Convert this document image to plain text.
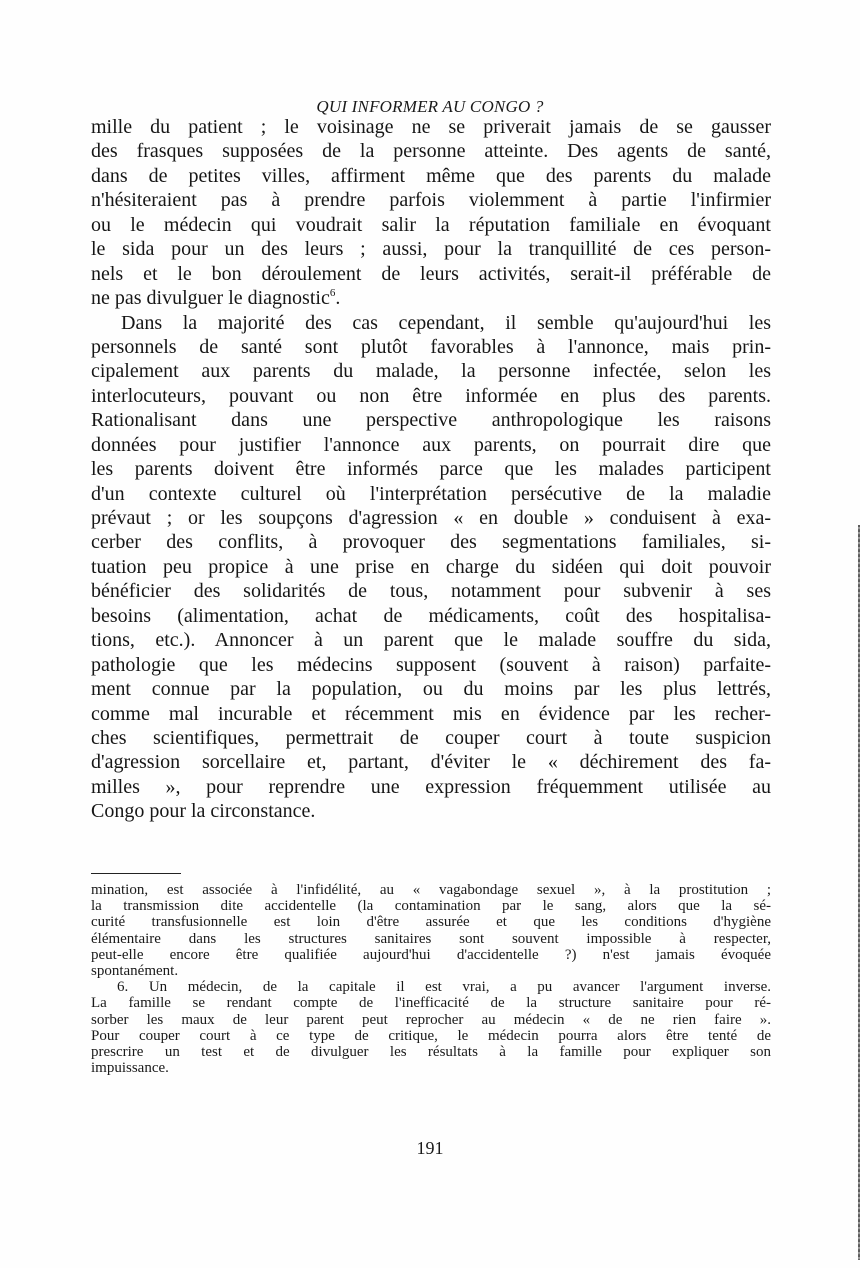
QUI INFORMER AU CONGO ?
mille du patient ; le voisinage ne se priverait jamais de se gausser
des frasques supposées de la personne atteinte. Des agents de santé,
dans de petites villes, affirment même que des parents du malade
n'hésiteraient pas à prendre parfois violemment à partie l'infirmier
ou le médecin qui voudrait salir la réputation familiale en évoquant
le sida pour un des leurs ; aussi, pour la tranquillité de ces person-
nels et le bon déroulement de leurs activités, serait-il préférable de
ne pas divulguer le diagnostic$^6$.
Dans la majorité des cas cependant, il semble qu'aujourd'hui les
personnels de santé sont plutôt favorables à l'annonce, mais prin-
cipalement aux parents du malade, la personne infectée, selon les
interlocuteurs, pouvant ou non être informée en plus des parents.
Rationalisant dans une perspective anthropologique les raisons
données pour justifier l'annonce aux parents, on pourrait dire que
les parents doivent être informés parce que les malades participent
d'un contexte culturel où l'interprétation persécutive de la maladie
prévaut ; or les soupçons d'agression « en double » conduisent à exa-
cerber des conflits, à provoquer des segmentations familiales, si-
tuation peu propice à une prise en charge du sidéen qui doit pouvoir
bénéficier des solidarités de tous, notamment pour subvenir à ses
besoins (alimentation, achat de médicaments, coût des hospitalisa-
tions, etc.). Annoncer à un parent que le malade souffre du sida,
pathologie que les médecins supposent (souvent à raison) parfaite-
ment connue par la population, ou du moins par les plus lettrés,
comme mal incurable et récemment mis en évidence par les recher-
ches scientifiques, permettrait de couper court à toute suspicion
d'agression sorcellaire et, partant, d'éviter le « déchirement des fa-
milles », pour reprendre une expression fréquemment utilisée au
Congo pour la circonstance.
mination, est associée à l'infidélité, au « vagabondage sexuel », à la prostitution ;
la transmission dite accidentelle (la contamination par le sang, alors que la sé-
curité transfusionnelle est loin d'être assurée et que les conditions d'hygiène
élémentaire dans les structures sanitaires sont souvent impossible à respecter,
peut-elle encore être qualifiée aujourd'hui d'accidentelle ?) n'est jamais évoquée
spontanément.
6. Un médecin, de la capitale il est vrai, a pu avancer l'argument inverse.
La famille se rendant compte de l'inefficacité de la structure sanitaire pour ré-
sorber les maux de leur parent peut reprocher au médecin « de ne rien faire ».
Pour couper court à ce type de critique, le médecin pourra alors être tenté de
prescrire un test et de divulguer les résultats à la famille pour expliquer son
impuissance.
191
